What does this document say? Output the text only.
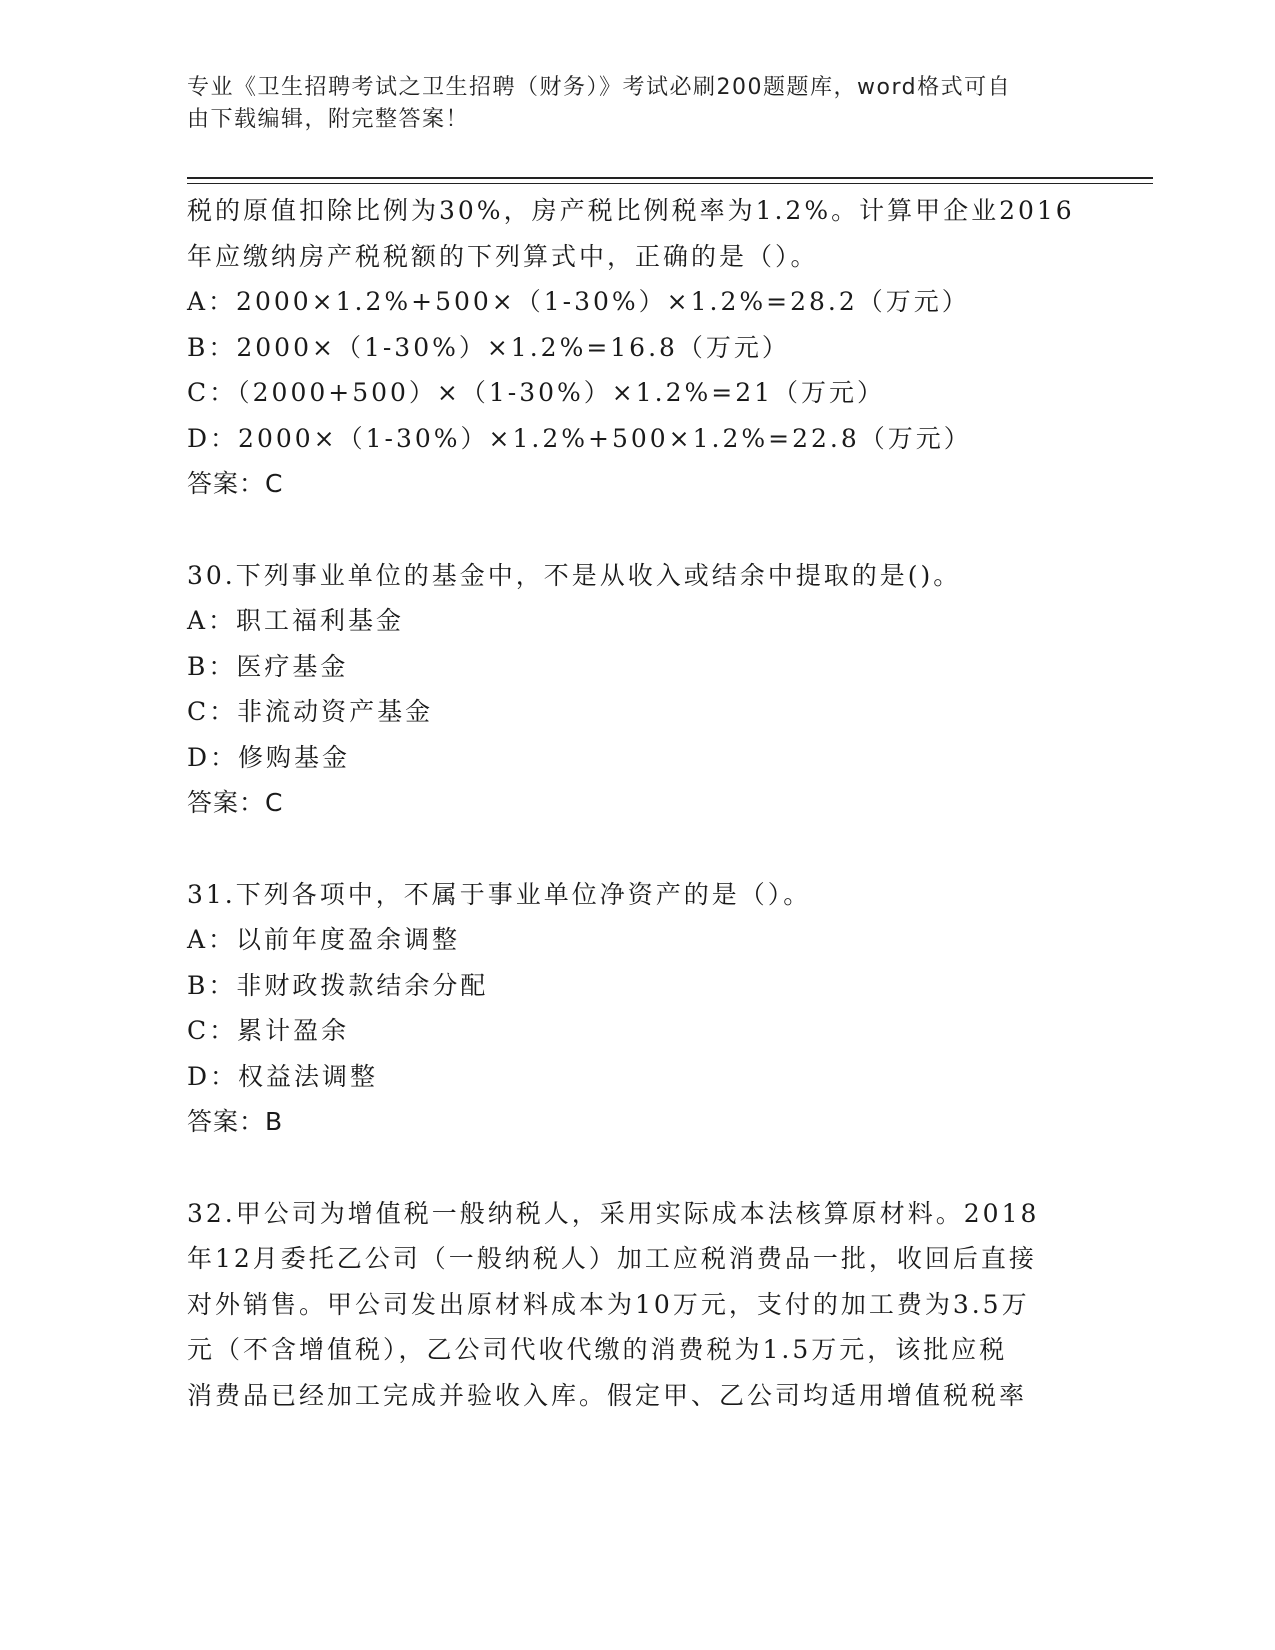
专业《卫生招聘考试之卫生招聘（财务）》考试必刷200题题库，word格式可自
由下载编辑，附完整答案！
税的原值扣除比例为30%，房产税比例税率为1.2%。计算甲企业2016
年应缴纳房产税税额的下列算式中，正确的是（）。
A：2000×1.2%+500×（1-30%）×1.2%=28.2（万元）
B：2000×（1-30%）×1.2%=16.8（万元）
C：（2000+500）×（1-30%）×1.2%=21（万元）
D：2000×（1-30%）×1.2%+500×1.2%=22.8（万元）
答案：C
30.下列事业单位的基金中，不是从收入或结余中提取的是()。
A：职工福利基金
B：医疗基金
C：非流动资产基金
D：修购基金
答案：C
31.下列各项中，不属于事业单位净资产的是（）。
A：以前年度盈余调整
B：非财政拨款结余分配
C：累计盈余
D：权益法调整
答案：B
32.甲公司为增值税一般纳税人，采用实际成本法核算原材料。2018
年12月委托乙公司（一般纳税人）加工应税消费品一批，收回后直接
对外销售。甲公司发出原材料成本为10万元，支付的加工费为3.5万
元（不含增值税），乙公司代收代缴的消费税为1.5万元，该批应税
消费品已经加工完成并验收入库。假定甲、乙公司均适用增值税税率
